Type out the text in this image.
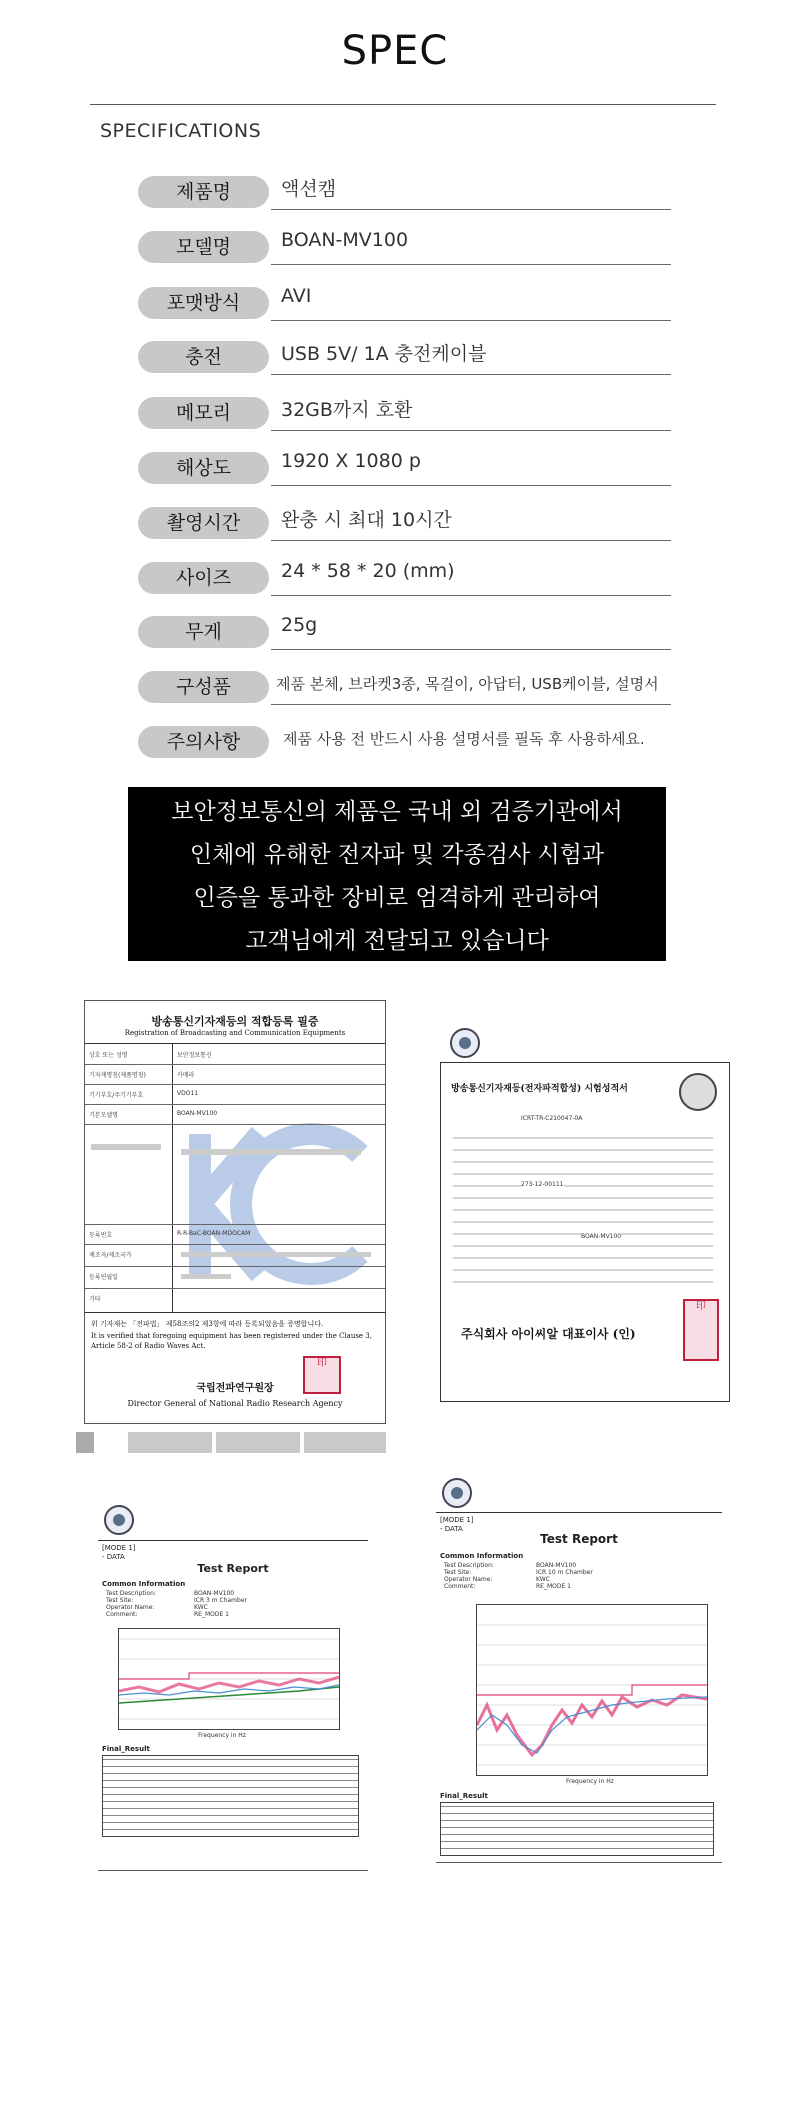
SPEC
SPECIFICATIONS
제품명	액션캠
모델명	BOAN-MV100
포맷방식	AVI
충전	USB 5V/ 1A 충전케이블
메모리	32GB까지 호환
해상도	1920 X 1080 p
촬영시간	완충 시 최대 10시간
사이즈	24 * 58 * 20 (mm)
무게	25g
구성품	제품 본체, 브라켓3종, 목걸이, 아답터, USB케이블, 설명서
주의사항	제품 사용 전 반드시 사용 설명서를 필독 후 사용하세요.
보안정보통신의 제품은 국내 외 검증기관에서
인체에 유해한 전자파 및 각종검사 시험과
인증을 통과한 장비로 엄격하게 관리하여
고객님에게 전달되고 있습니다
방송통신기자재등의 적합등록 필증
Registration of Broadcasting and Communication Equipments
상호 또는 성명	보안정보통신
기자재명칭(제품명칭)	카메라
기기부호/주기기부호	VDO11
기본모델명	BOAN-MV100
등록번호	R-R-BaC-BOAN-MDOCAM
제조자/제조국가
등록연월일
기타
위 기자재는 「전파법」 제58조의2 제3항에 따라 등록되었음을 증명합니다.
It is verified that foregoing equipment has been registered under the Clause 3, Article 58-2 of Radio Waves Act.
印
국립전파연구원장
Director General of National Radio Research Agency
방송통신기자재등(전자파적합성) 시험성적서
ICRT-TR-C210047-0A
273-12-00111
BOAN-MV100
주식회사 아이씨알 대표이사 (인)
印
[MODE 1]
- DATA
Test Report
Common Information
Test Description:	BOAN-MV100
Test Site:	ICR 3 m Chamber
Operator Name:	KWC
Comment:	RE_MODE 1
Frequency in Hz
Final_Result
[MODE 1]
- DATA
Test Report
Common Information
Test Description:	BOAN-MV100
Test Site:	ICR 10 m Chamber
Operator Name:	KWC
Comment:	RE_MODE 1
Frequency in Hz
Final_Result
